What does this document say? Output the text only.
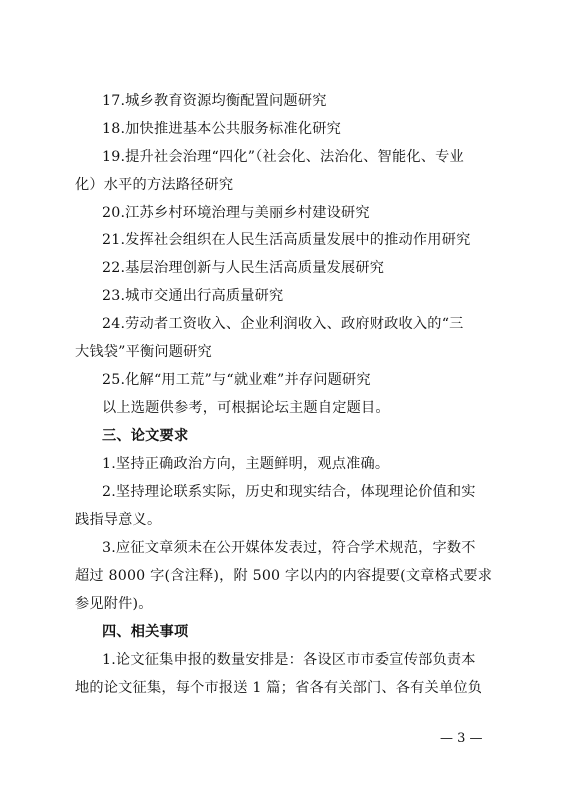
17.城乡教育资源均衡配置问题研究
18.加快推进基本公共服务标准化研究
19.提升社会治理“四化”（社会化、法治化、智能化、专业
化）水平的方法路径研究
20.江苏乡村环境治理与美丽乡村建设研究
21.发挥社会组织在人民生活高质量发展中的推动作用研究
22.基层治理创新与人民生活高质量发展研究
23.城市交通出行高质量研究
24.劳动者工资收入、企业利润收入、政府财政收入的“三
大钱袋”平衡问题研究
25.化解“用工荒”与“就业难”并存问题研究
以上选题供参考，可根据论坛主题自定题目。
三、论文要求
1.坚持正确政治方向，主题鲜明，观点准确。
2.坚持理论联系实际，历史和现实结合，体现理论价值和实
践指导意义。
3.应征文章须未在公开媒体发表过，符合学术规范，字数不
超过 8000 字(含注释)，附 500 字以内的内容提要(文章格式要求
参见附件)。
四、相关事项
1.论文征集申报的数量安排是：各设区市市委宣传部负责本
地的论文征集，每个市报送 1 篇；省各有关部门、各有关单位负
— 3 —
